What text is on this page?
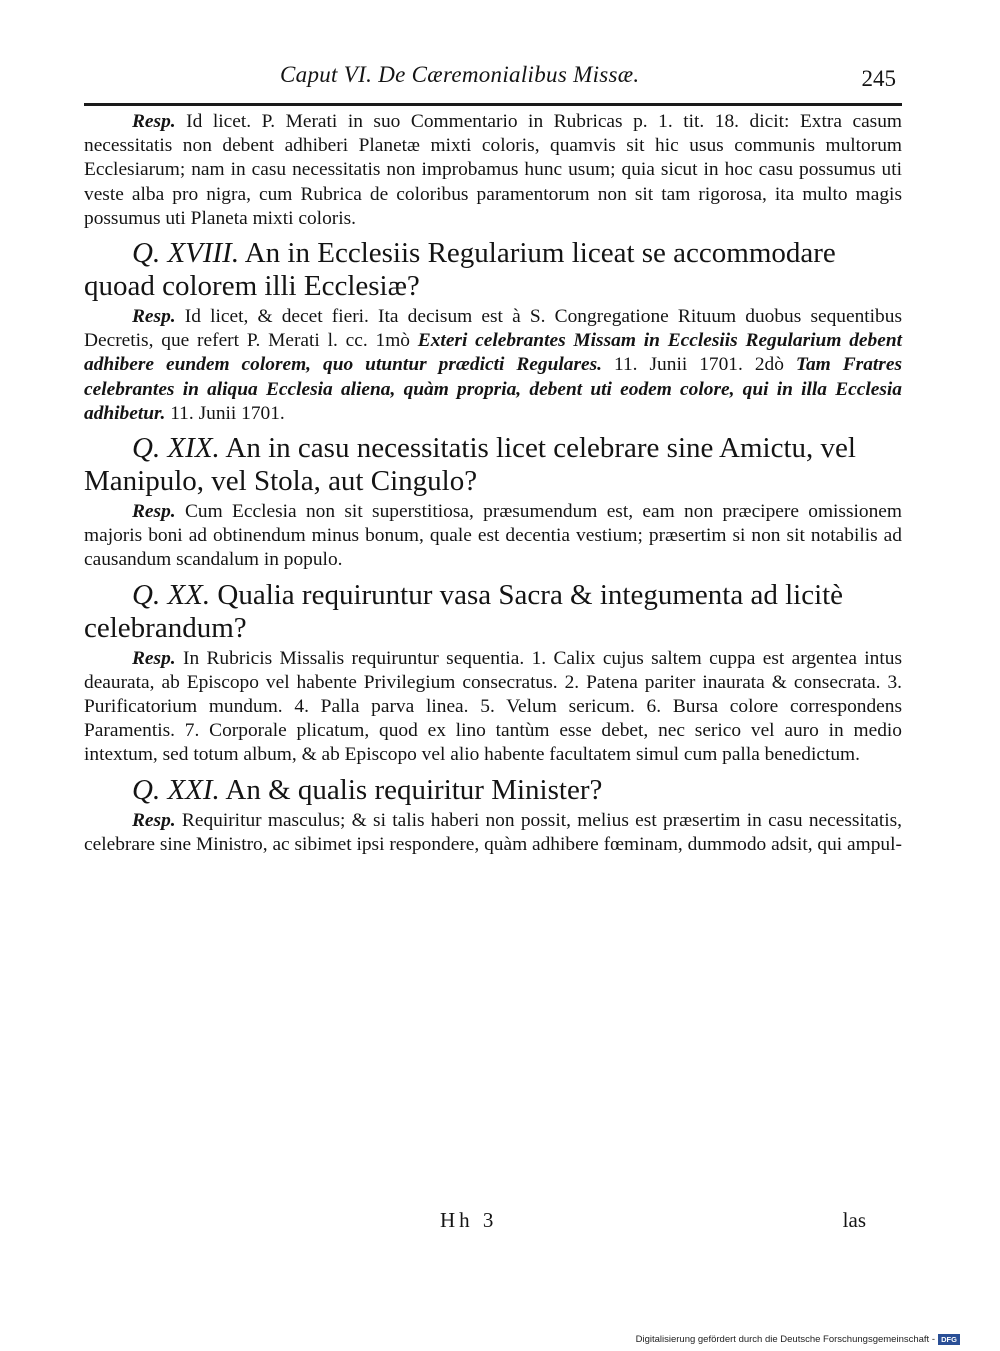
Caput VI. De Cæremonialibus Missæ.	245

Resp. Id licet. P. Merati in suo Commentario in Rubricas p. 1. tit. 18. dicit: Extra casum necessitatis non debent adhiberi Planetæ mixti coloris, quamvis sit hic usus communis multorum Ecclesiarum; nam in casu necessitatis non improbamus hunc usum; quia sicut in hoc casu possumus uti veste alba pro nigra, cum Rubrica de coloribus paramentorum non sit tam rigorosa, ita multo magis possumus uti Planeta mixti coloris.

Q. XVIII. An in Ecclesiis Regularium liceat se accommodare quoad colorem illi Ecclesiæ?

Resp. Id licet, & decet fieri. Ita decisum est à S. Congregatione Rituum duobus sequentibus Decretis, que refert P. Merati l. cc. 1mò Exteri celebrantes Missam in Ecclesiis Regularium debent adhibere eundem colorem, quo utuntur prædicti Regulares. 11. Junii 1701. 2dò Tam Fratres celebrantes in aliqua Ecclesia aliena, quàm propria, debent uti eodem colore, qui in illa Ecclesia adhibetur. 11. Junii 1701.

Q. XIX. An in casu necessitatis licet celebrare sine Amictu, vel Manipulo, vel Stola, aut Cingulo?

Resp. Cum Ecclesia non sit superstitiosa, præsumendum est, eam non præcipere omissionem majoris boni ad obtinendum minus bonum, quale est decentia vestium; præsertim si non sit notabilis ad causandum scandalum in populo.

Q. XX. Qualia requiruntur vasa Sacra & integumenta ad licitè celebrandum?

Resp. In Rubricis Missalis requiruntur sequentia. 1. Calix cujus saltem cuppa est argentea intus deaurata, ab Episcopo vel habente Privilegium consecratus. 2. Patena pariter inaurata & consecrata. 3. Purificatorium mundum. 4. Palla parva linea. 5. Velum sericum. 6. Bursa colore correspondens Paramentis. 7. Corporale plicatum, quod ex lino tantùm esse debet, nec serico vel auro in medio intextum, sed totum album, & ab Episcopo vel alio habente facultatem simul cum palla benedictum.

Q. XXI. An & qualis requiritur Minister?

Resp. Requiritur masculus; & si talis haberi non possit, melius est præsertim in casu necessitatis, celebrare sine Ministro, ac sibimet ipsi respondere, quàm adhibere fœminam, dummodo adsit, qui ampul-

Hh 3	las
Digitalisierung gefördert durch die Deutsche Forschungsgemeinschaft - DFG
